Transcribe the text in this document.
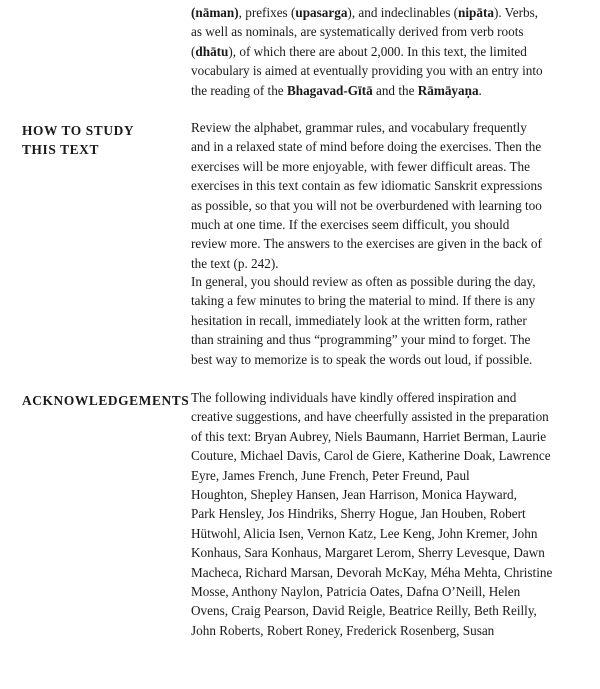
(nāman), prefixes (upasarga), and indeclinables (nipāta). Verbs,
as well as nominals, are systematically derived from verb roots
(dhātu), of which there are about 2,000. In this text, the limited
vocabulary is aimed at eventually providing you with an entry into
the reading of the Bhagavad-Gītā and the Rāmāyaṇa.
HOW TO STUDY
THIS TEXT
Review the alphabet, grammar rules, and vocabulary frequently
and in a relaxed state of mind before doing the exercises. Then the
exercises will be more enjoyable, with fewer difficult areas. The
exercises in this text contain as few idiomatic Sanskrit expressions
as possible, so that you will not be overburdened with learning too
much at one time. If the exercises seem difficult, you should
review more. The answers to the exercises are given in the back of
the text (p. 242).
In general, you should review as often as possible during the day,
taking a few minutes to bring the material to mind. If there is any
hesitation in recall, immediately look at the written form, rather
than straining and thus “programming” your mind to forget. The
best way to memorize is to speak the words out loud, if possible.
ACKNOWLEDGEMENTS The following individuals have kindly offered inspiration and
creative suggestions, and have cheerfully assisted in the preparation
of this text: Bryan Aubrey, Niels Baumann, Harriet Berman, Laurie
Couture, Michael Davis, Carol de Giere, Katherine Doak, Lawrence
Eyre, James French, June French, Peter Freund, Paul
Houghton, Shepley Hansen, Jean Harrison, Monica Hayward,
Park Hensley, Jos Hindriks, Sherry Hogue, Jan Houben, Robert
Hütwohl, Alicia Isen, Vernon Katz, Lee Keng, John Kremer, John
Konhaus, Sara Konhaus, Margaret Lerom, Sherry Levesque, Dawn
Macheca, Richard Marsan, Devorah McKay, Méha Mehta, Christine
Mosse, Anthony Naylon, Patricia Oates, Dafna O’Neill, Helen
Ovens, Craig Pearson, David Reigle, Beatrice Reilly, Beth Reilly,
John Roberts, Robert Roney, Frederick Rosenberg, Susan
